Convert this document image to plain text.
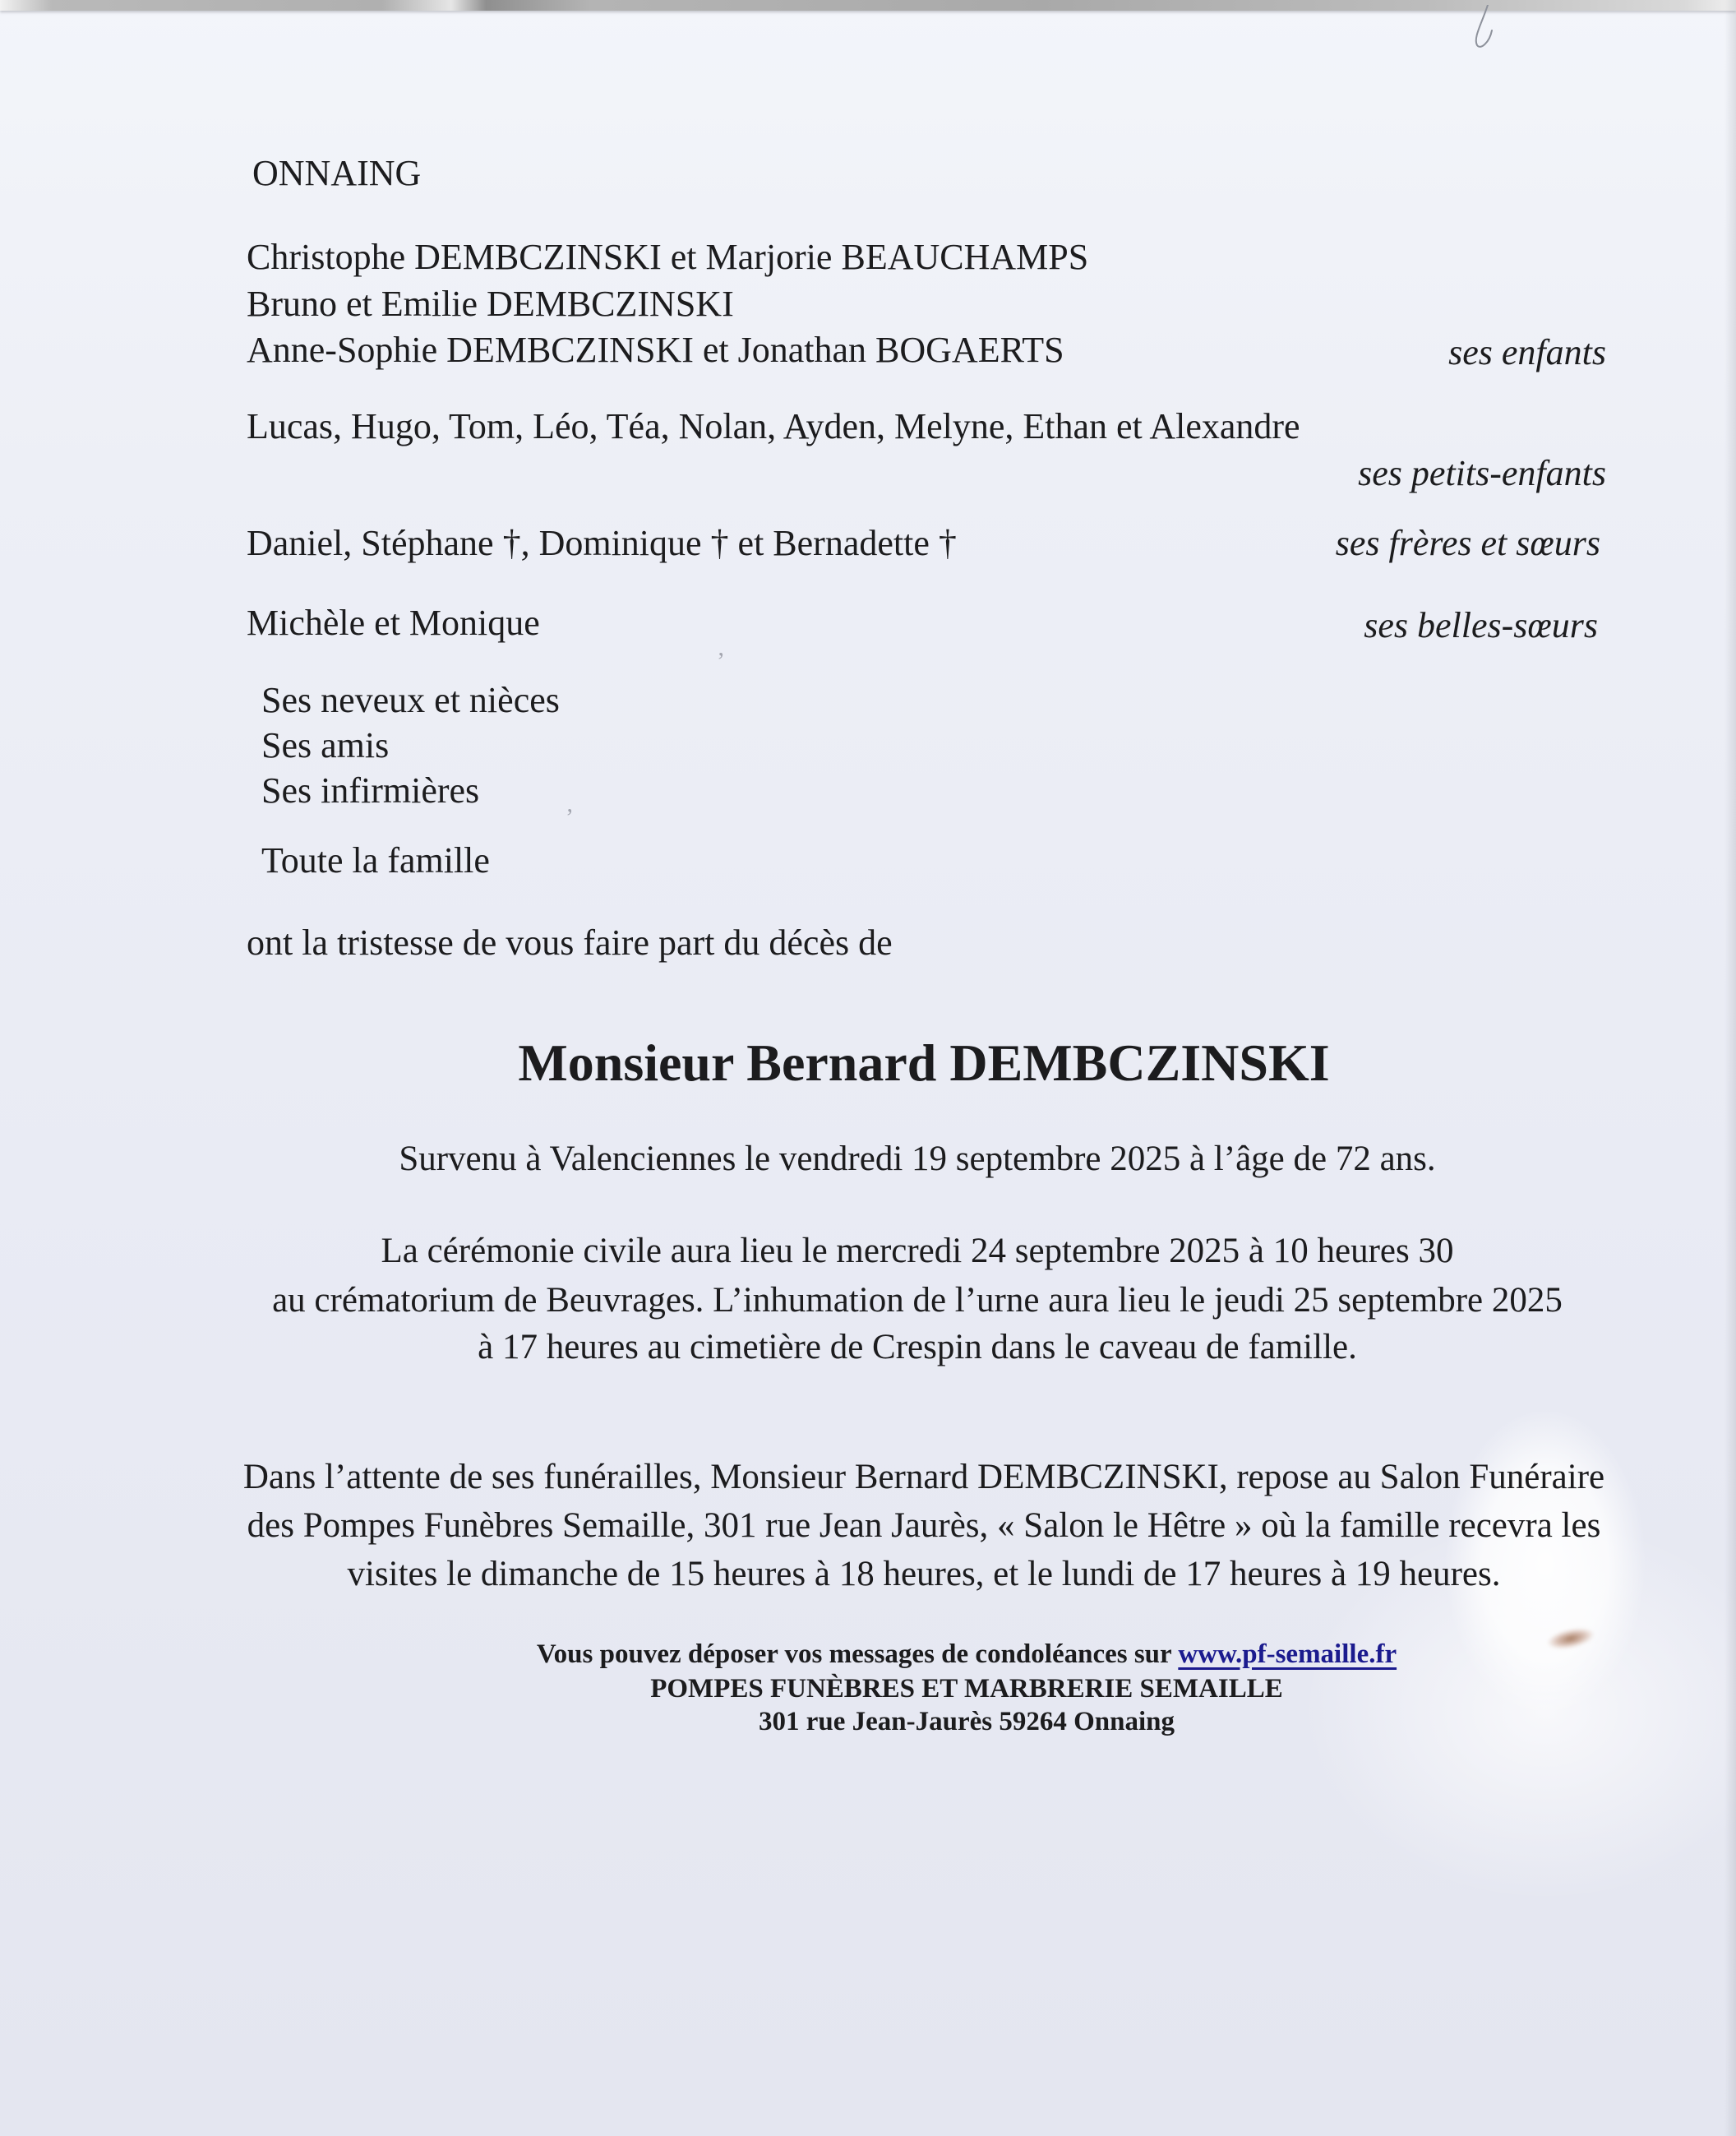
ʼ
ʼ
ONNAING
Christophe DEMBCZINSKI et Marjorie BEAUCHAMPS
Bruno et Emilie DEMBCZINSKI
Anne-Sophie DEMBCZINSKI et Jonathan BOGAERTS	ses enfants
Lucas, Hugo, Tom, Léo, Téa, Nolan, Ayden, Melyne, Ethan et Alexandre
ses petits-enfants
Daniel, Stéphane †, Dominique † et Bernadette †	ses frères et sœurs
Michèle et Monique	ses belles-sœurs
Ses neveux et nièces
Ses amis
Ses infirmières
Toute la famille
ont la tristesse de vous faire part du décès de
Monsieur Bernard DEMBCZINSKI
Survenu à Valenciennes le vendredi 19 septembre 2025 à l’âge de 72 ans.
La cérémonie civile aura lieu le mercredi 24 septembre 2025 à 10 heures 30
au crématorium de Beuvrages. L’inhumation de l’urne aura lieu le jeudi 25 septembre 2025
à 17 heures au cimetière de Crespin dans le caveau de famille.
Dans l’attente de ses funérailles, Monsieur Bernard DEMBCZINSKI, repose au Salon Funéraire
des Pompes Funèbres Semaille, 301 rue Jean Jaurès, « Salon le Hêtre » où la famille recevra les
visites le dimanche de 15 heures à 18 heures, et le lundi de 17 heures à 19 heures.
Vous pouvez déposer vos messages de condoléances sur www.pf-semaille.fr
POMPES FUNÈBRES ET MARBRERIE SEMAILLE
301 rue Jean-Jaurès 59264 Onnaing
